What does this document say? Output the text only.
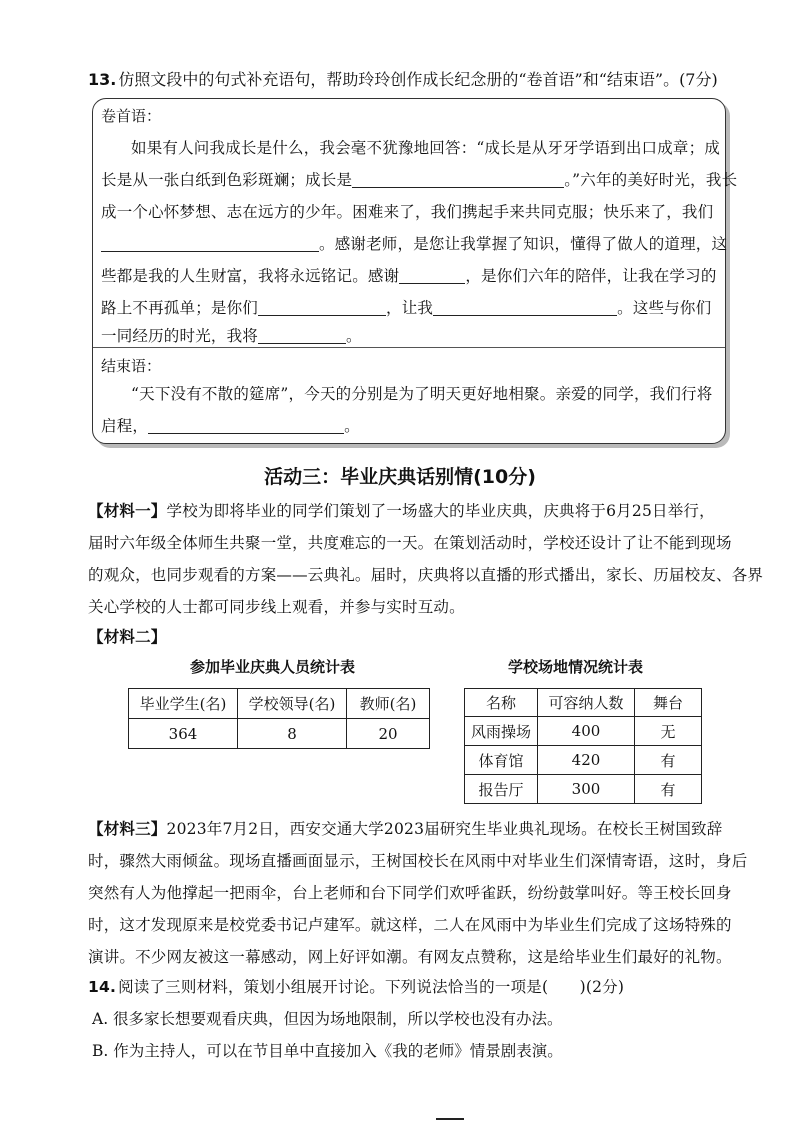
13. 仿照文段中的句式补充语句，帮助玲玲创作成长纪念册的“卷首语”和“结束语”。(7分)
卷首语：
如果有人问我成长是什么，我会毫不犹豫地回答：“成长是从牙牙学语到出口成章；成
长是从一张白纸到色彩斑斓；成长是	。”六年的美好时光，我长
成一个心怀梦想、志在远方的少年。困难来了，我们携起手来共同克服；快乐来了，我们
。感谢老师，是您让我掌握了知识，懂得了做人的道理，这
些都是我的人生财富，我将永远铭记。感谢	，是你们六年的陪伴，让我在学习的
路上不再孤单；是你们	，让我	。这些与你们
一同经历的时光，我将	。
结束语：
“天下没有不散的筵席”，今天的分别是为了明天更好地相聚。亲爱的同学，我们行将
启程，	。
活动三：毕业庆典话别情(10分)
【材料一】学校为即将毕业的同学们策划了一场盛大的毕业庆典，庆典将于6月25日举行，
届时六年级全体师生共聚一堂，共度难忘的一天。在策划活动时，学校还设计了让不能到现场
的观众，也同步观看的方案——云典礼。届时，庆典将以直播的形式播出，家长、历届校友、各界
关心学校的人士都可同步线上观看，并参与实时互动。
【材料二】
参加毕业庆典人员统计表
毕业学生(名)	学校领导(名)	教师(名)
364	8	20
学校场地情况统计表
名称	可容纳人数	舞台
风雨操场	400	无
体育馆	420	有
报告厅	300	有
【材料三】2023年7月2日，西安交通大学2023届研究生毕业典礼现场。在校长王树国致辞
时，骤然大雨倾盆。现场直播画面显示，王树国校长在风雨中对毕业生们深情寄语，这时，身后
突然有人为他撑起一把雨伞，台上老师和台下同学们欢呼雀跃，纷纷鼓掌叫好。等王校长回身
时，这才发现原来是校党委书记卢建军。就这样，二人在风雨中为毕业生们完成了这场特殊的
演讲。不少网友被这一幕感动，网上好评如潮。有网友点赞称，这是给毕业生们最好的礼物。
14. 阅读了三则材料，策划小组展开讨论。下列说法恰当的一项是(　　)(2分)
A. 很多家长想要观看庆典，但因为场地限制，所以学校也没有办法。
B. 作为主持人，可以在节目单中直接加入《我的老师》情景剧表演。
